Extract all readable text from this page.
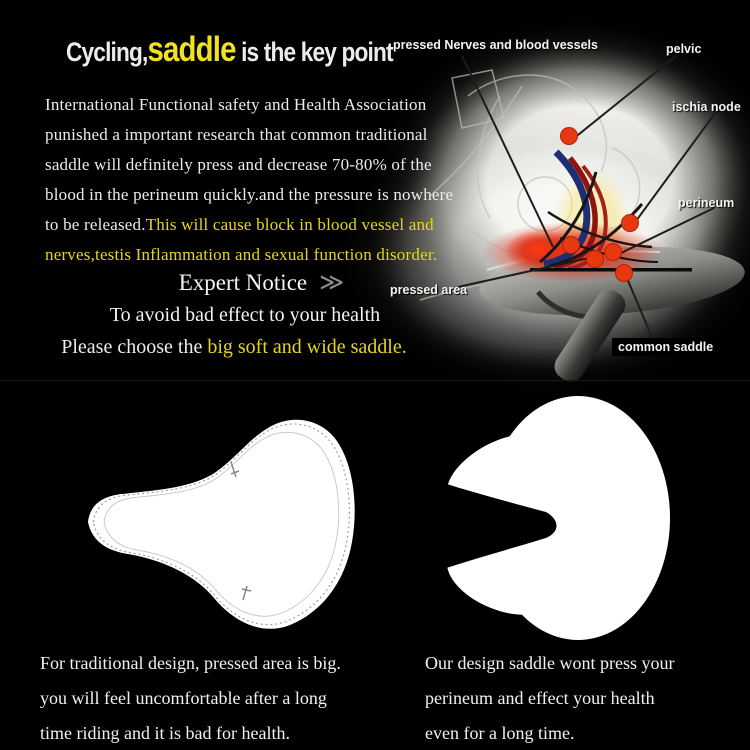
Cycling,saddle is the key point
International Functional safety and Health Association
punished a important research that common traditional
saddle will definitely press and decrease 70-80% of the
blood in the perineum quickly.and the pressure is nowhere
to be released.This will cause block in blood vessel and
nerves,testis Inflammation and sexual function disorder.
Expert Notice ≫
To avoid bad effect to your health
Please choose the big soft and wide saddle.
pressed Nerves and blood vessels	pelvic
ischia node
perineum
pressed area
common saddle
For traditional design, pressed area is big.
you will feel uncomfortable after a long
time riding and it is bad for health.
Our design saddle wont press your
perineum and effect your health
even for a long time.
